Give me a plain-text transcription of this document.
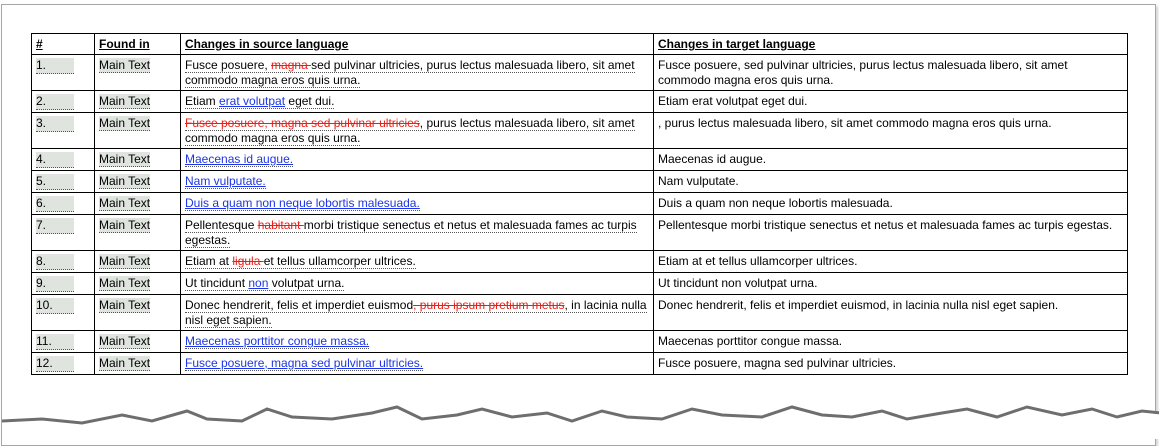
#	Found in	Changes in source language	Changes in target language
1.	Main Text	Fusce posuere, magna sed pulvinar ultricies, purus lectus malesuada libero, sit amet commodo magna eros quis urna.	Fusce posuere, sed pulvinar ultricies, purus lectus malesuada libero, sit amet commodo magna eros quis urna.
2.	Main Text	Etiam erat volutpat eget dui.	Etiam erat volutpat eget dui.
3.	Main Text	Fusce posuere, magna sed pulvinar ultricies, purus lectus malesuada libero, sit amet commodo magna eros quis urna.	, purus lectus malesuada libero, sit amet commodo magna eros quis urna.
4.	Main Text	Maecenas id augue.	Maecenas id augue.
5.	Main Text	Nam vulputate.	Nam vulputate.
6.	Main Text	Duis a quam non neque lobortis malesuada.	Duis a quam non neque lobortis malesuada.
7.	Main Text	Pellentesque habitant morbi tristique senectus et netus et malesuada fames ac turpis egestas.	Pellentesque morbi tristique senectus et netus et malesuada fames ac turpis egestas.
8.	Main Text	Etiam at ligula et tellus ullamcorper ultrices.	Etiam at et tellus ullamcorper ultrices.
9.	Main Text	Ut tincidunt non volutpat urna.	Ut tincidunt non volutpat urna.
10.	Main Text	Donec hendrerit, felis et imperdiet euismod, purus ipsum pretium metus, in lacinia nulla nisl eget sapien.	Donec hendrerit, felis et imperdiet euismod, in lacinia nulla nisl eget sapien.
11.	Main Text	Maecenas porttitor congue massa.	Maecenas porttitor congue massa.
12.	Main Text	Fusce posuere, magna sed pulvinar ultricies.	Fusce posuere, magna sed pulvinar ultricies.
